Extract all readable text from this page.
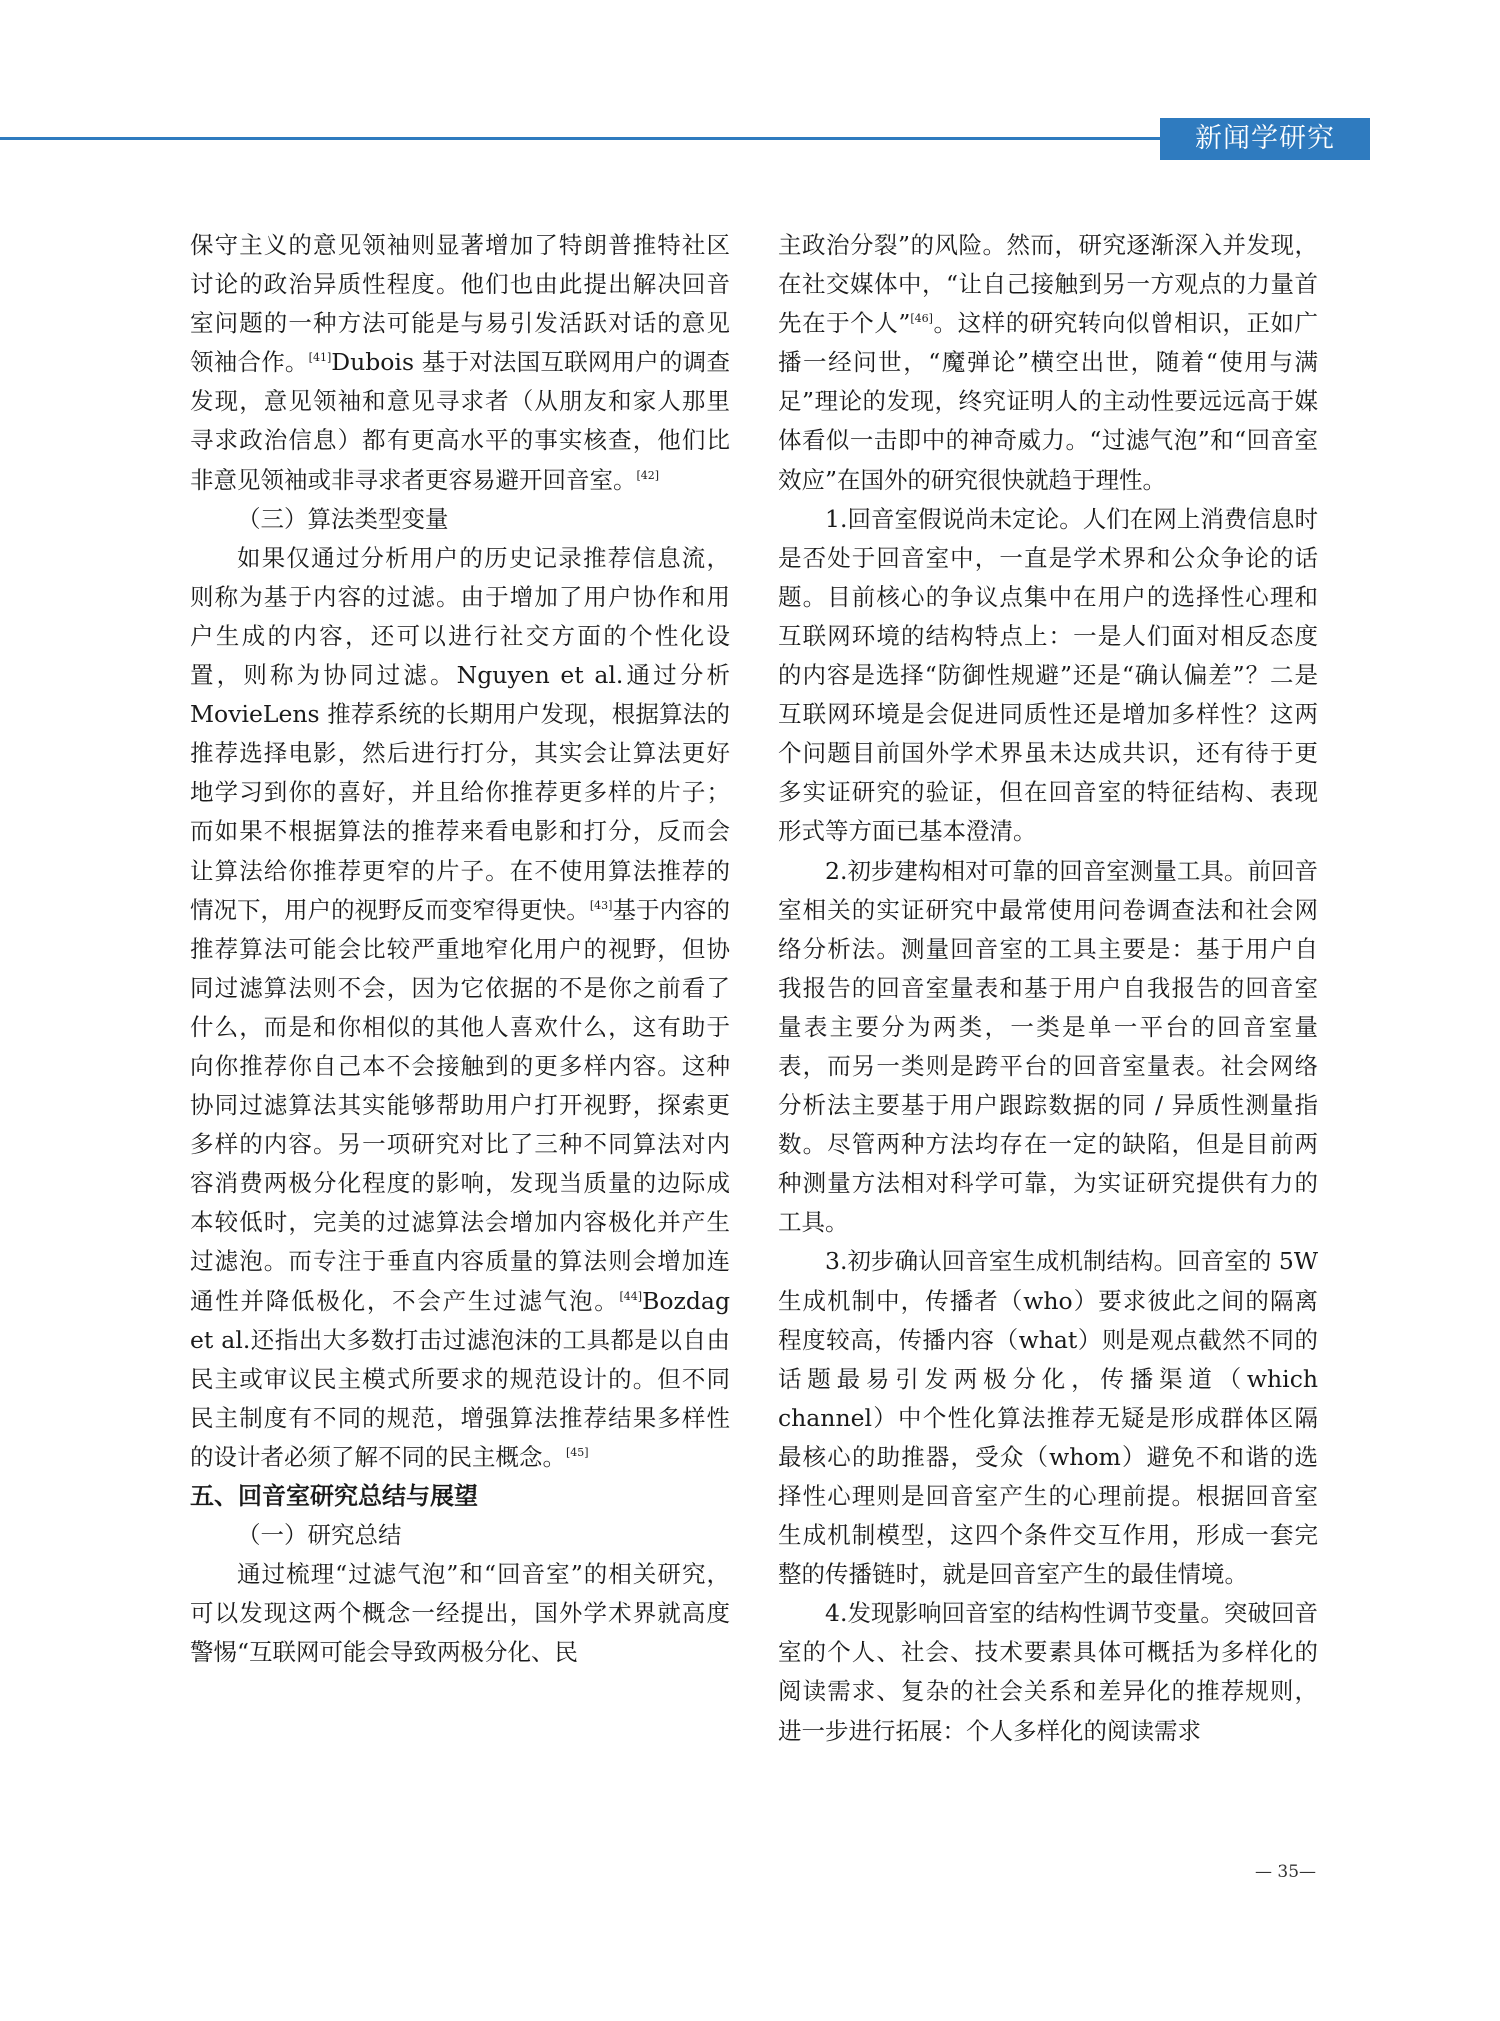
新闻学研究

保守主义的意见领袖则显著增加了特朗普推特社区讨论的政治异质性程度。他们也由此提出解决回音室问题的一种方法可能是与易引发活跃对话的意见领袖合作。[41]Dubois 基于对法国互联网用户的调查发现，意见领袖和意见寻求者（从朋友和家人那里寻求政治信息）都有更高水平的事实核查，他们比非意见领袖或非寻求者更容易避开回音室。[42]

（三）算法类型变量

如果仅通过分析用户的历史记录推荐信息流，则称为基于内容的过滤。由于增加了用户协作和用户生成的内容，还可以进行社交方面的个性化设置，则称为协同过滤。Nguyen et al.通过分析 MovieLens 推荐系统的长期用户发现，根据算法的推荐选择电影，然后进行打分，其实会让算法更好地学习到你的喜好，并且给你推荐更多样的片子；而如果不根据算法的推荐来看电影和打分，反而会让算法给你推荐更窄的片子。在不使用算法推荐的情况下，用户的视野反而变窄得更快。[43]基于内容的推荐算法可能会比较严重地窄化用户的视野，但协同过滤算法则不会，因为它依据的不是你之前看了什么，而是和你相似的其他人喜欢什么，这有助于向你推荐你自己本不会接触到的更多样内容。这种协同过滤算法其实能够帮助用户打开视野，探索更多样的内容。另一项研究对比了三种不同算法对内容消费两极分化程度的影响，发现当质量的边际成本较低时，完美的过滤算法会增加内容极化并产生过滤泡。而专注于垂直内容质量的算法则会增加连通性并降低极化，不会产生过滤气泡。[44]Bozdag et al.还指出大多数打击过滤泡沫的工具都是以自由民主或审议民主模式所要求的规范设计的。但不同民主制度有不同的规范，增强算法推荐结果多样性的设计者必须了解不同的民主概念。[45]

五、回音室研究总结与展望

（一）研究总结

通过梳理“过滤气泡”和“回音室”的相关研究，可以发现这两个概念一经提出，国外学术界就高度警惕“互联网可能会导致两极分化、民

主政治分裂”的风险。然而，研究逐渐深入并发现，在社交媒体中，“让自己接触到另一方观点的力量首先在于个人”[46]。这样的研究转向似曾相识，正如广播一经问世，“魔弹论”横空出世，随着“使用与满足”理论的发现，终究证明人的主动性要远远高于媒体看似一击即中的神奇威力。“过滤气泡”和“回音室效应”在国外的研究很快就趋于理性。

1.回音室假说尚未定论。人们在网上消费信息时是否处于回音室中，一直是学术界和公众争论的话题。目前核心的争议点集中在用户的选择性心理和互联网环境的结构特点上：一是人们面对相反态度的内容是选择“防御性规避”还是“确认偏差”？二是互联网环境是会促进同质性还是增加多样性？这两个问题目前国外学术界虽未达成共识，还有待于更多实证研究的验证，但在回音室的特征结构、表现形式等方面已基本澄清。

2.初步建构相对可靠的回音室测量工具。前回音室相关的实证研究中最常使用问卷调查法和社会网络分析法。测量回音室的工具主要是：基于用户自我报告的回音室量表和基于用户自我报告的回音室量表主要分为两类，一类是单一平台的回音室量表，而另一类则是跨平台的回音室量表。社会网络分析法主要基于用户跟踪数据的同 / 异质性测量指数。尽管两种方法均存在一定的缺陷，但是目前两种测量方法相对科学可靠，为实证研究提供有力的工具。

3.初步确认回音室生成机制结构。回音室的 5W 生成机制中，传播者（who）要求彼此之间的隔离程度较高，传播内容（what）则是观点截然不同的话题最易引发两极分化，传播渠道（which channel）中个性化算法推荐无疑是形成群体区隔最核心的助推器，受众（whom）避免不和谐的选择性心理则是回音室产生的心理前提。根据回音室生成机制模型，这四个条件交互作用，形成一套完整的传播链时，就是回音室产生的最佳情境。

4.发现影响回音室的结构性调节变量。突破回音室的个人、社会、技术要素具体可概括为多样化的阅读需求、复杂的社会关系和差异化的推荐规则，进一步进行拓展：个人多样化的阅读需求

— 35—
